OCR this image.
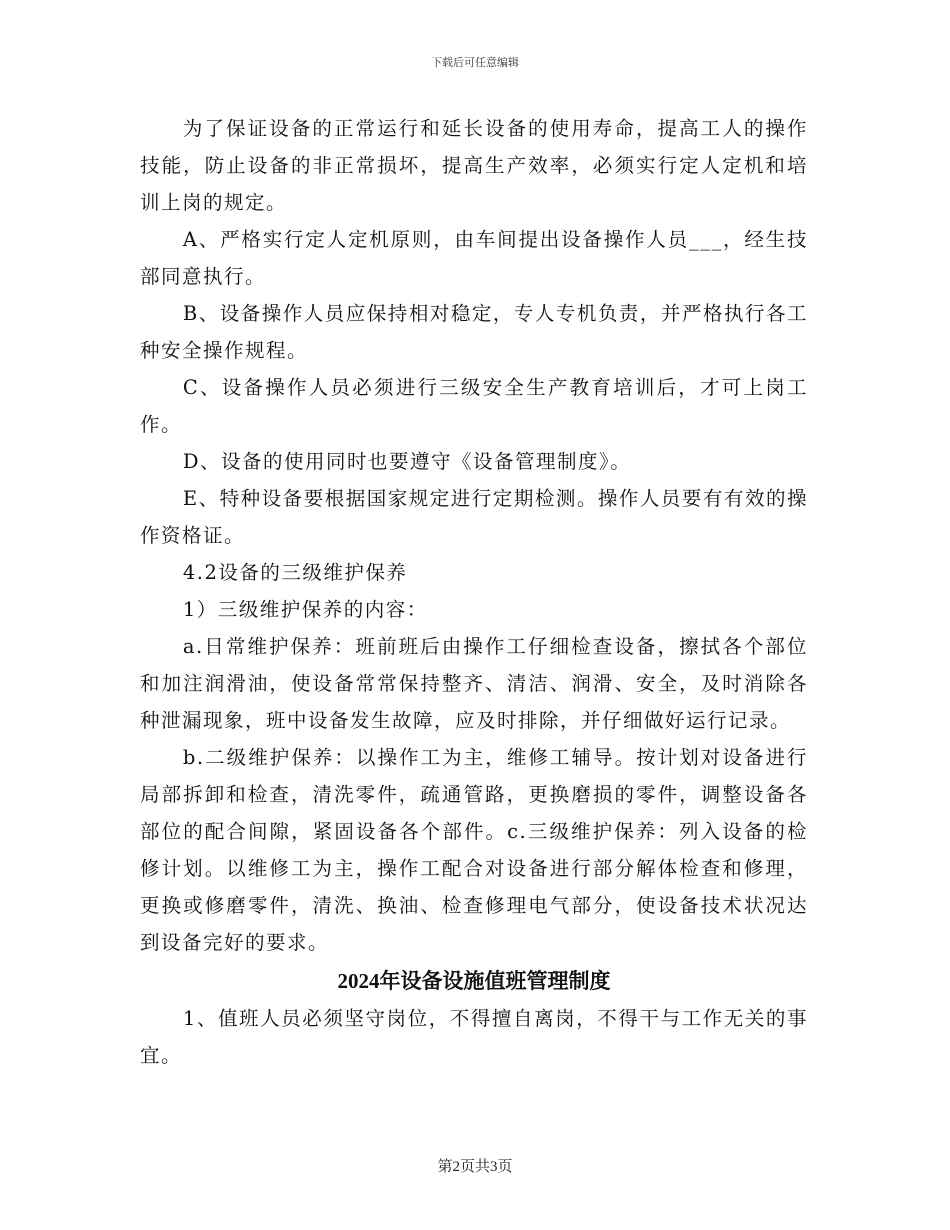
下载后可任意编辑

为了保证设备的正常运行和延长设备的使用寿命，提高工人的操作技能，防止设备的非正常损坏，提高生产效率，必须实行定人定机和培训上岗的规定。

A、严格实行定人定机原则，由车间提出设备操作人员___，经生技部同意执行。

B、设备操作人员应保持相对稳定，专人专机负责，并严格执行各工种安全操作规程。

C、设备操作人员必须进行三级安全生产教育培训后，才可上岗工作。

D、设备的使用同时也要遵守《设备管理制度》。

E、特种设备要根据国家规定进行定期检测。操作人员要有有效的操作资格证。

4.2设备的三级维护保养

1）三级维护保养的内容：

a.日常维护保养：班前班后由操作工仔细检查设备，擦拭各个部位和加注润滑油，使设备常常保持整齐、清洁、润滑、安全，及时消除各种泄漏现象，班中设备发生故障，应及时排除，并仔细做好运行记录。

b.二级维护保养：以操作工为主，维修工辅导。按计划对设备进行局部拆卸和检查，清洗零件，疏通管路，更换磨损的零件，调整设备各部位的配合间隙，紧固设备各个部件。c.三级维护保养：列入设备的检修计划。以维修工为主，操作工配合对设备进行部分解体检查和修理，更换或修磨零件，清洗、换油、检查修理电气部分，使设备技术状况达到设备完好的要求。

2024年设备设施值班管理制度

1、值班人员必须坚守岗位，不得擅自离岗，不得干与工作无关的事宜。

第2页共3页
